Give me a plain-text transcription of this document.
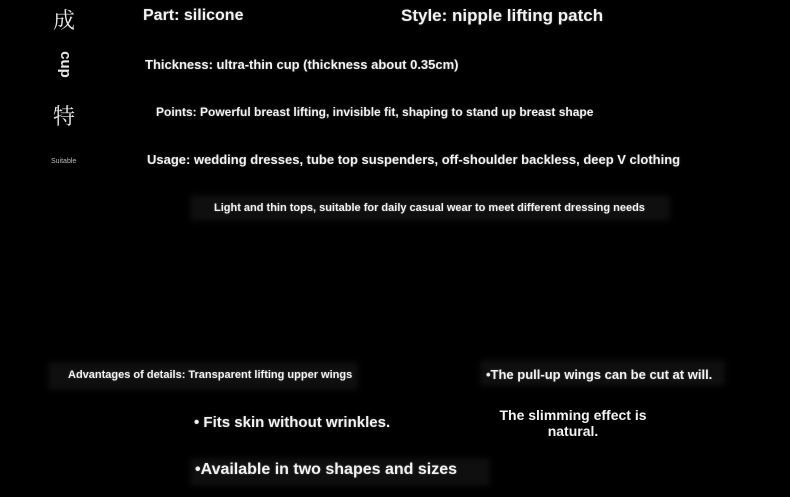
成
cup
特
Suitable
Part: silicone	Style: nipple lifting patch
Thickness: ultra-thin cup (thickness about 0.35cm)
Points: Powerful breast lifting, invisible fit, shaping to stand up breast shape
Usage: wedding dresses, tube top suspenders, off-shoulder backless, deep V clothing
Light and thin tops, suitable for daily casual wear to meet different dressing needs
Advantages of details: Transparent lifting upper wings	•The pull-up wings can be cut at will.
• Fits skin without wrinkles.	The slimming effect is
natural.
•Available in two shapes and sizes
